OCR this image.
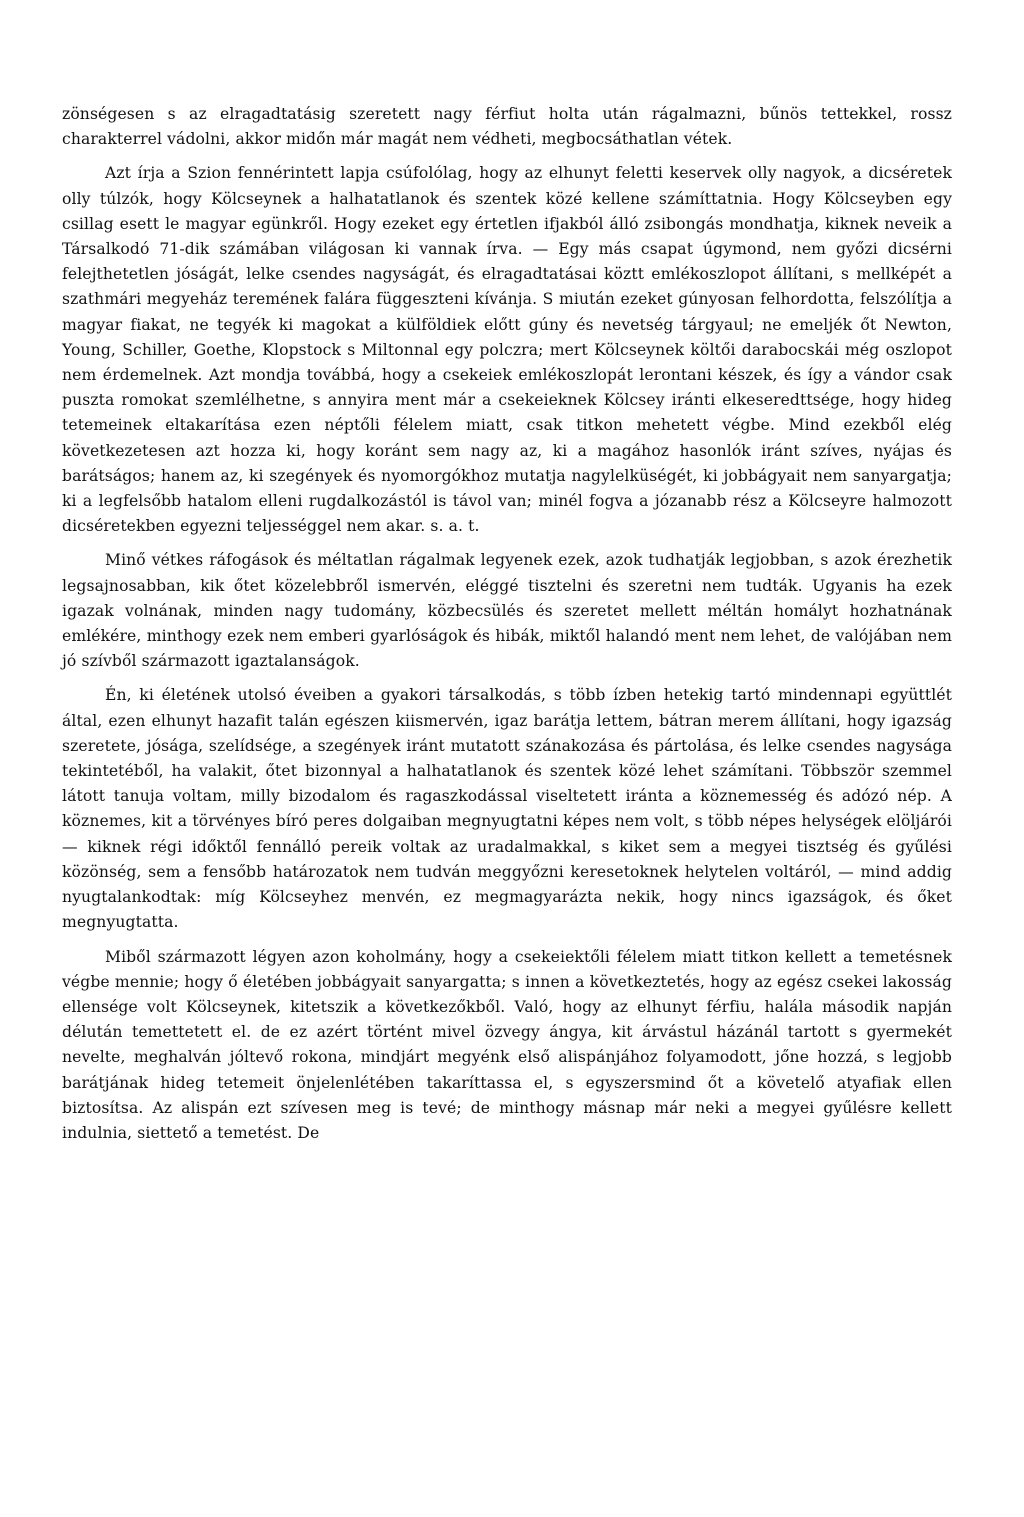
zönségesen s az elragadtatásig szeretett nagy férfiut holta után rágalmazni, bűnös tettekkel, rossz charakterrel vádolni, akkor midőn már magát nem védheti, megbocsáthatlan vétek.

Azt írja a Szion fennérintett lapja csúfolólag, hogy az elhunyt feletti keservek olly nagyok, a dicséretek olly túlzók, hogy Kölcseynek a halhatatlanok és szentek közé kellene számíttatnia. Hogy Kölcseyben egy csillag esett le magyar egünkről. Hogy ezeket egy értetlen ifjakból álló zsibongás mondhatja, kiknek neveik a Társalkodó 71-dik számában világosan ki vannak írva. — Egy más csapat úgymond, nem győzi dicsérni felejthetetlen jóságát, lelke csendes nagyságát, és elragadtatásai köztt emlékoszlopot állítani, s mellképét a szathmári megyeház teremének falára függeszteni kívánja. S miután ezeket gúnyosan felhordotta, felszólítja a magyar fiakat, ne tegyék ki magokat a külföldiek előtt gúny és nevetség tárgyaul; ne emeljék őt Newton, Young, Schiller, Goethe, Klopstock s Miltonnal egy polczra; mert Kölcseynek költői darabocskái még oszlopot nem érdemelnek. Azt mondja továbbá, hogy a csekeiek emlékoszlopát lerontani készek, és így a vándor csak puszta romokat szemlélhetne, s annyira ment már a csekeieknek Kölcsey iránti elkeseredttsége, hogy hideg tetemeinek eltakarítása ezen néptőli félelem miatt, csak titkon mehetett végbe. Mind ezekből elég következetesen azt hozza ki, hogy koránt sem nagy az, ki a magához hasonlók iránt szíves, nyájas és barátságos; hanem az, ki szegények és nyomorgókhoz mutatja nagylelküségét, ki jobbágyait nem sanyargatja; ki a legfelsőbb hatalom elleni rugdalkozástól is távol van; minél fogva a józanabb rész a Kölcseyre halmozott dicséretekben egyezni teljességgel nem akar. s. a. t.

Minő vétkes ráfogások és méltatlan rágalmak legyenek ezek, azok tudhatják legjobban, s azok érezhetik legsajnosabban, kik őtet közelebbről ismervén, eléggé tisztelni és szeretni nem tudták. Ugyanis ha ezek igazak volnának, minden nagy tudomány, közbecsülés és szeretet mellett méltán homályt hozhatnának emlékére, minthogy ezek nem emberi gyarlóságok és hibák, miktől halandó ment nem lehet, de valójában nem jó szívből származott igaztalanságok.

Én, ki életének utolsó éveiben a gyakori társalkodás, s több ízben hetekig tartó mindennapi együttlét által, ezen elhunyt hazafit talán egészen kiismervén, igaz barátja lettem, bátran merem állítani, hogy igazság szeretete, jósága, szelídsége, a szegények iránt mutatott szánakozása és pártolása, és lelke csendes nagysága tekintetéből, ha valakit, őtet bizonnyal a halhatatlanok és szentek közé lehet számítani. Többször szemmel látott tanuja voltam, milly bizodalom és ragaszkodással viseltetett iránta a köznemesség és adózó nép. A köznemes, kit a törvényes bíró peres dolgaiban megnyugtatni képes nem volt, s több népes helységek elöljárói — kiknek régi időktől fennálló pereik voltak az uradalmakkal, s kiket sem a megyei tisztség és gyűlési közönség, sem a fensőbb határozatok nem tudván meggyőzni keresetoknek helytelen voltáról, — mind addig nyugtalankodtak: míg Kölcseyhez menvén, ez megmagyarázta nekik, hogy nincs igazságok, és őket megnyugtatta.

Miből származott légyen azon koholmány, hogy a csekeiektőli félelem miatt titkon kellett a temetésnek végbe mennie; hogy ő életében jobbágyait sanyargatta; s innen a következtetés, hogy az egész csekei lakosság ellensége volt Kölcseynek, kitetszik a következőkből. Való, hogy az elhunyt férfiu, halála második napján délután temettetett el. de ez azért történt mivel özvegy ángya, kit árvástul házánál tartott s gyermekét nevelte, meghalván jóltevő rokona, mindjárt megyénk első alispánjához folyamodott, jőne hozzá, s legjobb barátjának hideg tetemeit önjelenlétében takaríttassa el, s egyszersmind őt a követelő atyafiak ellen biztosítsa. Az alispán ezt szívesen meg is tevé; de minthogy másnap már neki a megyei gyűlésre kellett indulnia, siettető a temetést. De
